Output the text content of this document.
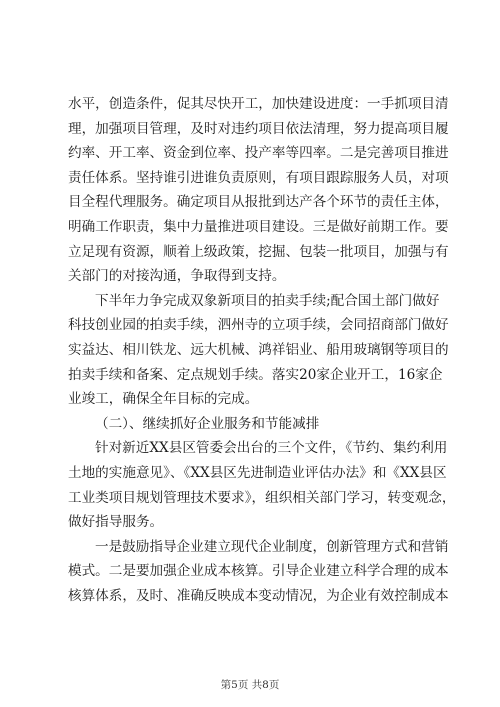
水平，创造条件，促其尽快开工，加快建设进度：一手抓项目清
理，加强项目管理，及时对违约项目依法清理，努力提高项目履
约率、开工率、资金到位率、投产率等四率。二是完善项目推进
责任体系。坚持谁引进谁负责原则，有项目跟踪服务人员，对项
目全程代理服务。确定项目从报批到达产各个环节的责任主体，
明确工作职责，集中力量推进项目建设。三是做好前期工作。要
立足现有资源，顺着上级政策，挖掘、包装一批项目，加强与有
关部门的对接沟通，争取得到支持。
下半年力争完成双象新项目的拍卖手续;配合国土部门做好
科技创业园的拍卖手续，泗州寺的立项手续，会同招商部门做好
实益达、相川铁龙、远大机械、鸿祥铝业、船用玻璃钢等项目的
拍卖手续和备案、定点规划手续。落实20家企业开工，16家企
业竣工，确保全年目标的完成。
（二）、继续抓好企业服务和节能减排
针对新近XX县区管委会出台的三个文件，《节约、集约利用
土地的实施意见》、《XX县区先进制造业评估办法》和《XX县区
工业类项目规划管理技术要求》，组织相关部门学习，转变观念，
做好指导服务。
一是鼓励指导企业建立现代企业制度，创新管理方式和营销
模式。二是要加强企业成本核算。引导企业建立科学合理的成本
核算体系，及时、准确反映成本变动情况，为企业有效控制成本
第5页 共8页
